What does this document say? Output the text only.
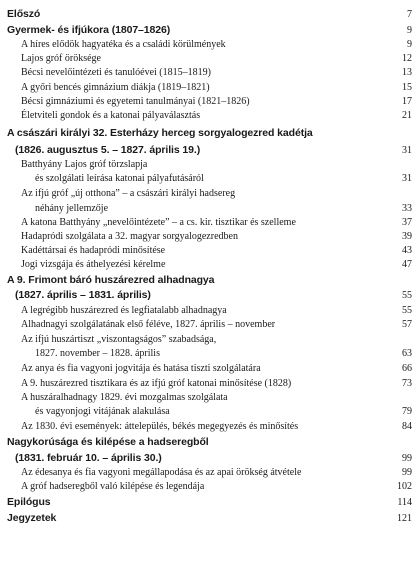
Előszó	7
Gyermek- és ifjúkora (1807–1826)	9
A híres elődök hagyatéka és a családi körülmények	9
Lajos gróf öröksége	12
Bécsi nevelőintézeti és tanulóévei (1815–1819)	13
A győri bencés gimnázium diákja (1819–1821)	15
Bécsi gimnáziumi és egyetemi tanulmányai (1821–1826)	17
Életviteli gondok és a katonai pályaválasztás	21
A császári királyi 32. Esterházy herceg sorgyalogezred kadétja
(1826. augusztus 5. – 1827. április 19.)	31
Batthyány Lajos gróf törzslapja
és szolgálati leírása katonai pályafutásáról	31
Az ifjú gróf „új otthona” – a császári királyi hadsereg
néhány jellemzője	33
A katona Batthyány „nevelőintézete” – a cs. kir. tisztikar és szelleme	37
Hadapródi szolgálata a 32. magyar sorgyalogezredben	39
Kadéttársai és hadapródi minősítése	43
Jogi vizsgája és áthelyezési kérelme	47
A 9. Frimont báró huszárezred alhadnagya
(1827. április – 1831. április)	55
A legrégibb huszárezred és legfiatalabb alhadnagya	55
Alhadnagyi szolgálatának első féléve, 1827. április – november	57
Az ifjú huszártiszt „viszontagságos” szabadsága,
1827. november – 1828. április	63
Az anya és fia vagyoni jogvitája és hatása tiszti szolgálatára	66
A 9. huszárezred tisztikara és az ifjú gróf katonai minősítése (1828)	73
A huszáralhadnagy 1829. évi mozgalmas szolgálata
és vagyonjogi vitájának alakulása	79
Az 1830. évi események: áttelepülés, békés megegyezés és minősítés	84
Nagykorúsága és kilépése a hadseregből
(1831. február 10. – április 30.)	99
Az édesanya és fia vagyoni megállapodása és az apai örökség átvétele	99
A gróf hadseregből való kilépése és legendája	102
Epilógus	114
Jegyzetek	121
